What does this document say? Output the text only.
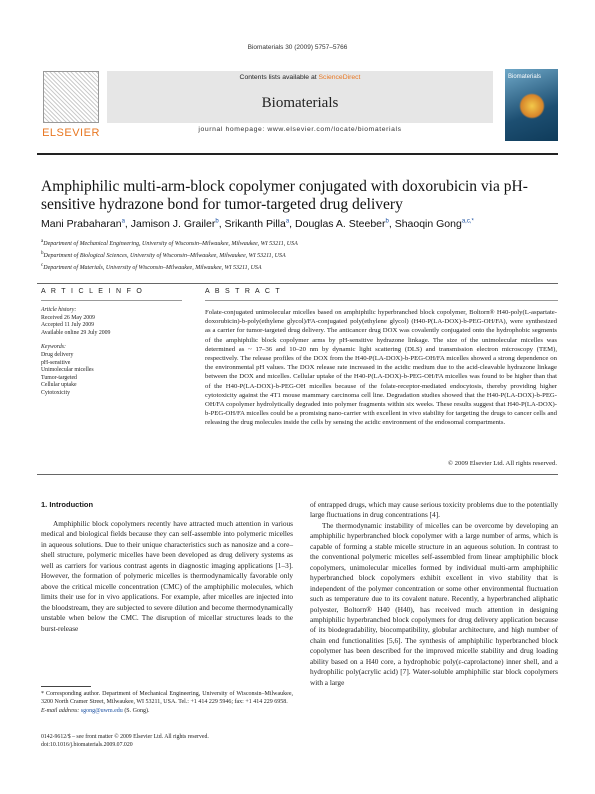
Biomaterials 30 (2009) 5757–5766
ELSEVIER
Contents lists available at ScienceDirect
Biomaterials
journal homepage: www.elsevier.com/locate/biomaterials
Biomaterials
Amphiphilic multi-arm-block copolymer conjugated with doxorubicin via pH-sensitive hydrazone bond for tumor-targeted drug delivery
Mani Prabaharan$^a$, Jamison J. Grailer$^b$, Srikanth Pilla$^a$, Douglas A. Steeber$^b$, Shaoqin Gong$^{a,c,*}$
$^a$Department of Mechanical Engineering, University of Wisconsin–Milwaukee, Milwaukee, WI 53211, USA
$^b$Department of Biological Sciences, University of Wisconsin–Milwaukee, Milwaukee, WI 53211, USA
$^c$Department of Materials, University of Wisconsin–Milwaukee, Milwaukee, WI 53211, USA
A R T I C L E I N F O	A B S T R A C T
Article history:
Received 26 May 2009
Accepted 11 July 2009
Available online 29 July 2009
Keywords:
Drug delivery
pH-sensitive
Unimolecular micelles
Tumor-targeted
Cellular uptake
Cytotoxicity
Folate-conjugated unimolecular micelles based on amphiphilic hyperbranched block copolymer, Boltorn® H40-poly(L-aspartate-doxorubicin)-b-poly(ethylene glycol)/FA-conjugated poly(ethylene glycol) (H40-P(LA-DOX)-b-PEG-OH/FA), were synthesized as a carrier for tumor-targeted drug delivery. The anticancer drug DOX was covalently conjugated onto the hydrophobic segments of the amphiphilic block copolymer arms by pH-sensitive hydrazone linkage. The size of the unimolecular micelles was determined as ~ 17–36 and 10–20 nm by dynamic light scattering (DLS) and transmission electron microscopy (TEM), respectively. The release profiles of the DOX from the H40-P(LA-DOX)-b-PEG-OH/FA micelles showed a strong dependence on the environmental pH values. The DOX release rate increased in the acidic medium due to the acid-cleavable hydrazone linkage between the DOX and micelles. Cellular uptake of the H40-P(LA-DOX)-b-PEG-OH/FA micelles was found to be higher than that of the H40-P(LA-DOX)-b-PEG-OH micelles because of the folate-receptor-mediated endocytosis, thereby providing higher cytotoxicity against the 4T1 mouse mammary carcinoma cell line. Degradation studies showed that the H40-P(LA-DOX)-b-PEG-OH/FA copolymer hydrolytically degraded into polymer fragments within six weeks. These results suggest that H40-P(LA-DOX)-b-PEG-OH/FA micelles could be a promising nano-carrier with excellent in vivo stability for targeting the drugs to cancer cells and releasing the drug molecules inside the cells by sensing the acidic environment of the endosomal compartments.
© 2009 Elsevier Ltd. All rights reserved.
1. Introduction

Amphiphilic block copolymers recently have attracted much attention in various medical and biological fields because they can self-assemble into polymeric micelles in aqueous solutions. Due to their unique characteristics such as nanosize and a core–shell structure, polymeric micelles have been developed as drug delivery systems as well as carriers for various contrast agents in diagnostic imaging applications [1–3]. However, the formation of polymeric micelles is thermodynamically favorable only above the critical micelle concentration (CMC) of the amphiphilic molecules, which limits their use for in vivo applications. For example, after micelles are injected into the bloodstream, they are subjected to severe dilution and become thermodynamically unstable when below the CMC. The disruption of micellar structures leads to the burst-release

of entrapped drugs, which may cause serious toxicity problems due to the potentially large fluctuations in drug concentrations [4].

The thermodynamic instability of micelles can be overcome by developing an amphiphilic hyperbranched block copolymer with a large number of arms, which is capable of forming a stable micelle structure in an aqueous solution. In contrast to the conventional polymeric micelles self-assembled from linear amphiphilic block copolymers, unimolecular micelles formed by individual multi-arm amphiphilic hyperbranched block copolymers exhibit excellent in vivo stability that is independent of the polymer concentration or some other environmental fluctuation such as temperature due to its covalent nature. Recently, a hyperbranched aliphatic polyester, Boltorn® H40 (H40), has received much attention in designing amphiphilic hyperbranched block copolymers for drug delivery application because of its biodegradability, biocompatibility, globular architecture, and high number of chain end functionalities [5,6]. The synthesis of amphiphilic hyperbranched block copolymer has been described for the improved micelle stability and drug loading ability based on a H40 core, a hydrophobic poly(ε-caprolactone) inner shell, and a hydrophilic poly(acrylic acid) [7]. Water-soluble amphiphilic star block copolymers with a large

* Corresponding author. Department of Mechanical Engineering, University of Wisconsin–Milwaukee, 3200 North Cramer Street, Milwaukee, WI 53211, USA. Tel.: +1 414 229 5946; fax: +1 414 229 6958.
E-mail address: sgong@uwm.edu (S. Gong).
0142-9612/$ – see front matter © 2009 Elsevier Ltd. All rights reserved.
doi:10.1016/j.biomaterials.2009.07.020
